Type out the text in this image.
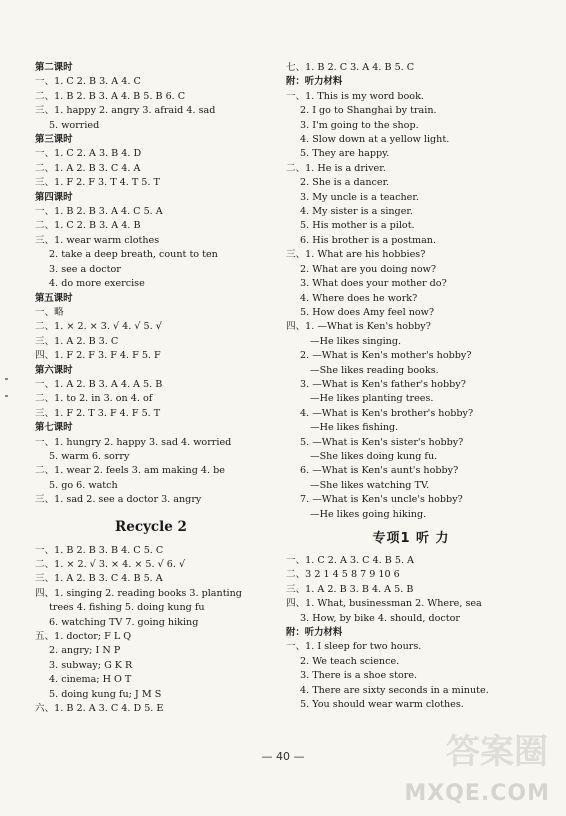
第二课时
一、1. C 2. B 3. A 4. C
二、1. B 2. B 3. A 4. B 5. B 6. C
三、1. happy 2. angry 3. afraid 4. sad
5. worried
第三课时
一、1. C 2. A 3. B 4. D
二、1. A 2. B 3. C 4. A
三、1. F 2. F 3. T 4. T 5. T
第四课时
一、1. B 2. B 3. A 4. C 5. A
二、1. C 2. B 3. A 4. B
三、1. wear warm clothes
2. take a deep breath, count to ten
3. see a doctor
4. do more exercise
第五课时
一、略
二、1. × 2. × 3. √ 4. √ 5. √
三、1. A 2. B 3. C
四、1. F 2. F 3. F 4. F 5. F
第六课时
一、1. A 2. B 3. A 4. A 5. B
二、1. to 2. in 3. on 4. of
三、1. F 2. T 3. F 4. F 5. T
第七课时
一、1. hungry 2. happy 3. sad 4. worried
5. warm 6. sorry
二、1. wear 2. feels 3. am making 4. be
5. go 6. watch
三、1. sad 2. see a doctor 3. angry
Recycle 2
一、1. B 2. B 3. B 4. C 5. C
二、1. × 2. √ 3. × 4. × 5. √ 6. √
三、1. A 2. B 3. C 4. B 5. A
四、1. singing 2. reading books 3. planting
trees 4. fishing 5. doing kung fu
6. watching TV 7. going hiking
五、1. doctor; F L Q
2. angry; I N P
3. subway; G K R
4. cinema; H O T
5. doing kung fu; J M S
六、1. B 2. A 3. C 4. D 5. E
七、1. B 2. C 3. A 4. B 5. C
附：听力材料
一、1. This is my word book.
2. I go to Shanghai by train.
3. I'm going to the shop.
4. Slow down at a yellow light.
5. They are happy.
二、1. He is a driver.
2. She is a dancer.
3. My uncle is a teacher.
4. My sister is a singer.
5. His mother is a pilot.
6. His brother is a postman.
三、1. What are his hobbies?
2. What are you doing now?
3. What does your mother do?
4. Where does he work?
5. How does Amy feel now?
四、1. —What is Ken's hobby?
—He likes singing.
2. —What is Ken's mother's hobby?
—She likes reading books.
3. —What is Ken's father's hobby?
—He likes planting trees.
4. —What is Ken's brother's hobby?
—He likes fishing.
5. —What is Ken's sister's hobby?
—She likes doing kung fu.
6. —What is Ken's aunt's hobby?
—She likes watching TV.
7. —What is Ken's uncle's hobby?
—He likes going hiking.
专项1 听 力
一、1. C 2. A 3. C 4. B 5. A
二、3 2 1 4 5 8 7 9 10 6
三、1. A 2. B 3. B 4. A 5. B
四、1. What, businessman 2. Where, sea
3. How, by bike 4. should, doctor
附：听力材料
一、1. I sleep for two hours.
2. We teach science.
3. There is a shoe store.
4. There are sixty seconds in a minute.
5. You should wear warm clothes.
— 40 —	答案圈
MXQE.COM
